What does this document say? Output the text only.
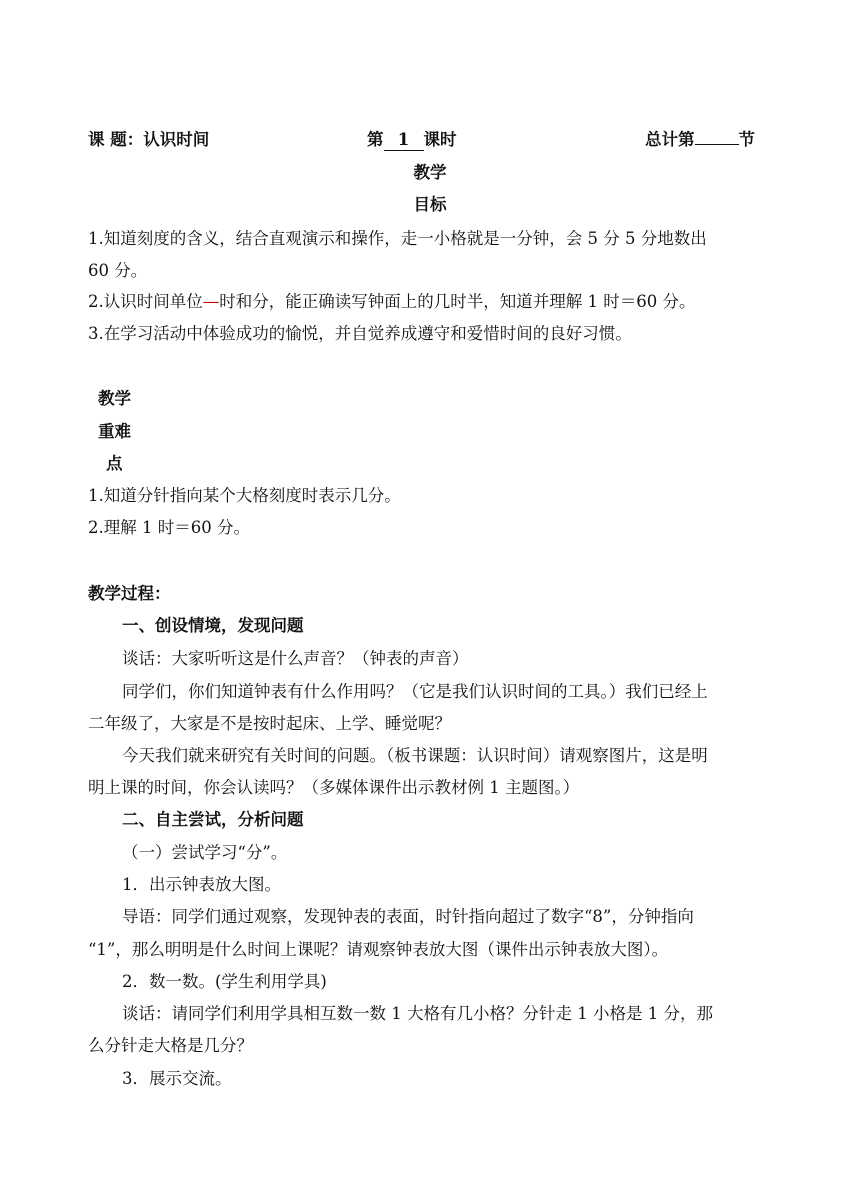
课 题：认识时间	第 1 课时	总计第	节
教学
目标
1.知道刻度的含义，结合直观演示和操作，走一小格就是一分钟，会 5 分 5 分地数出
60 分。
2.认识时间单位—时和分，能正确读写钟面上的几时半，知道并理解 1 时＝60 分。
3.在学习活动中体验成功的愉悦，并自觉养成遵守和爱惜时间的良好习惯。
教学
重难
点
1.知道分针指向某个大格刻度时表示几分。
2.理解 1 时＝60 分。
教学过程：
一、创设情境，发现问题
谈话：大家听听这是什么声音？（钟表的声音）
同学们，你们知道钟表有什么作用吗？（它是我们认识时间的工具。）我们已经上
二年级了，大家是不是按时起床、上学、睡觉呢？
今天我们就来研究有关时间的问题。（板书课题：认识时间）请观察图片，这是明
明上课的时间，你会认读吗？（多媒体课件出示教材例 1 主题图。）
二、自主尝试，分析问题
（一）尝试学习“分”。
1．出示钟表放大图。
导语：同学们通过观察，发现钟表的表面，时针指向超过了数字“8”，分钟指向
“1”，那么明明是什么时间上课呢？请观察钟表放大图（课件出示钟表放大图）。
2．数一数。(学生利用学具)
谈话：请同学们利用学具相互数一数 1 大格有几小格？分针走 1 小格是 1 分，那
么分针走大格是几分？
3．展示交流。
